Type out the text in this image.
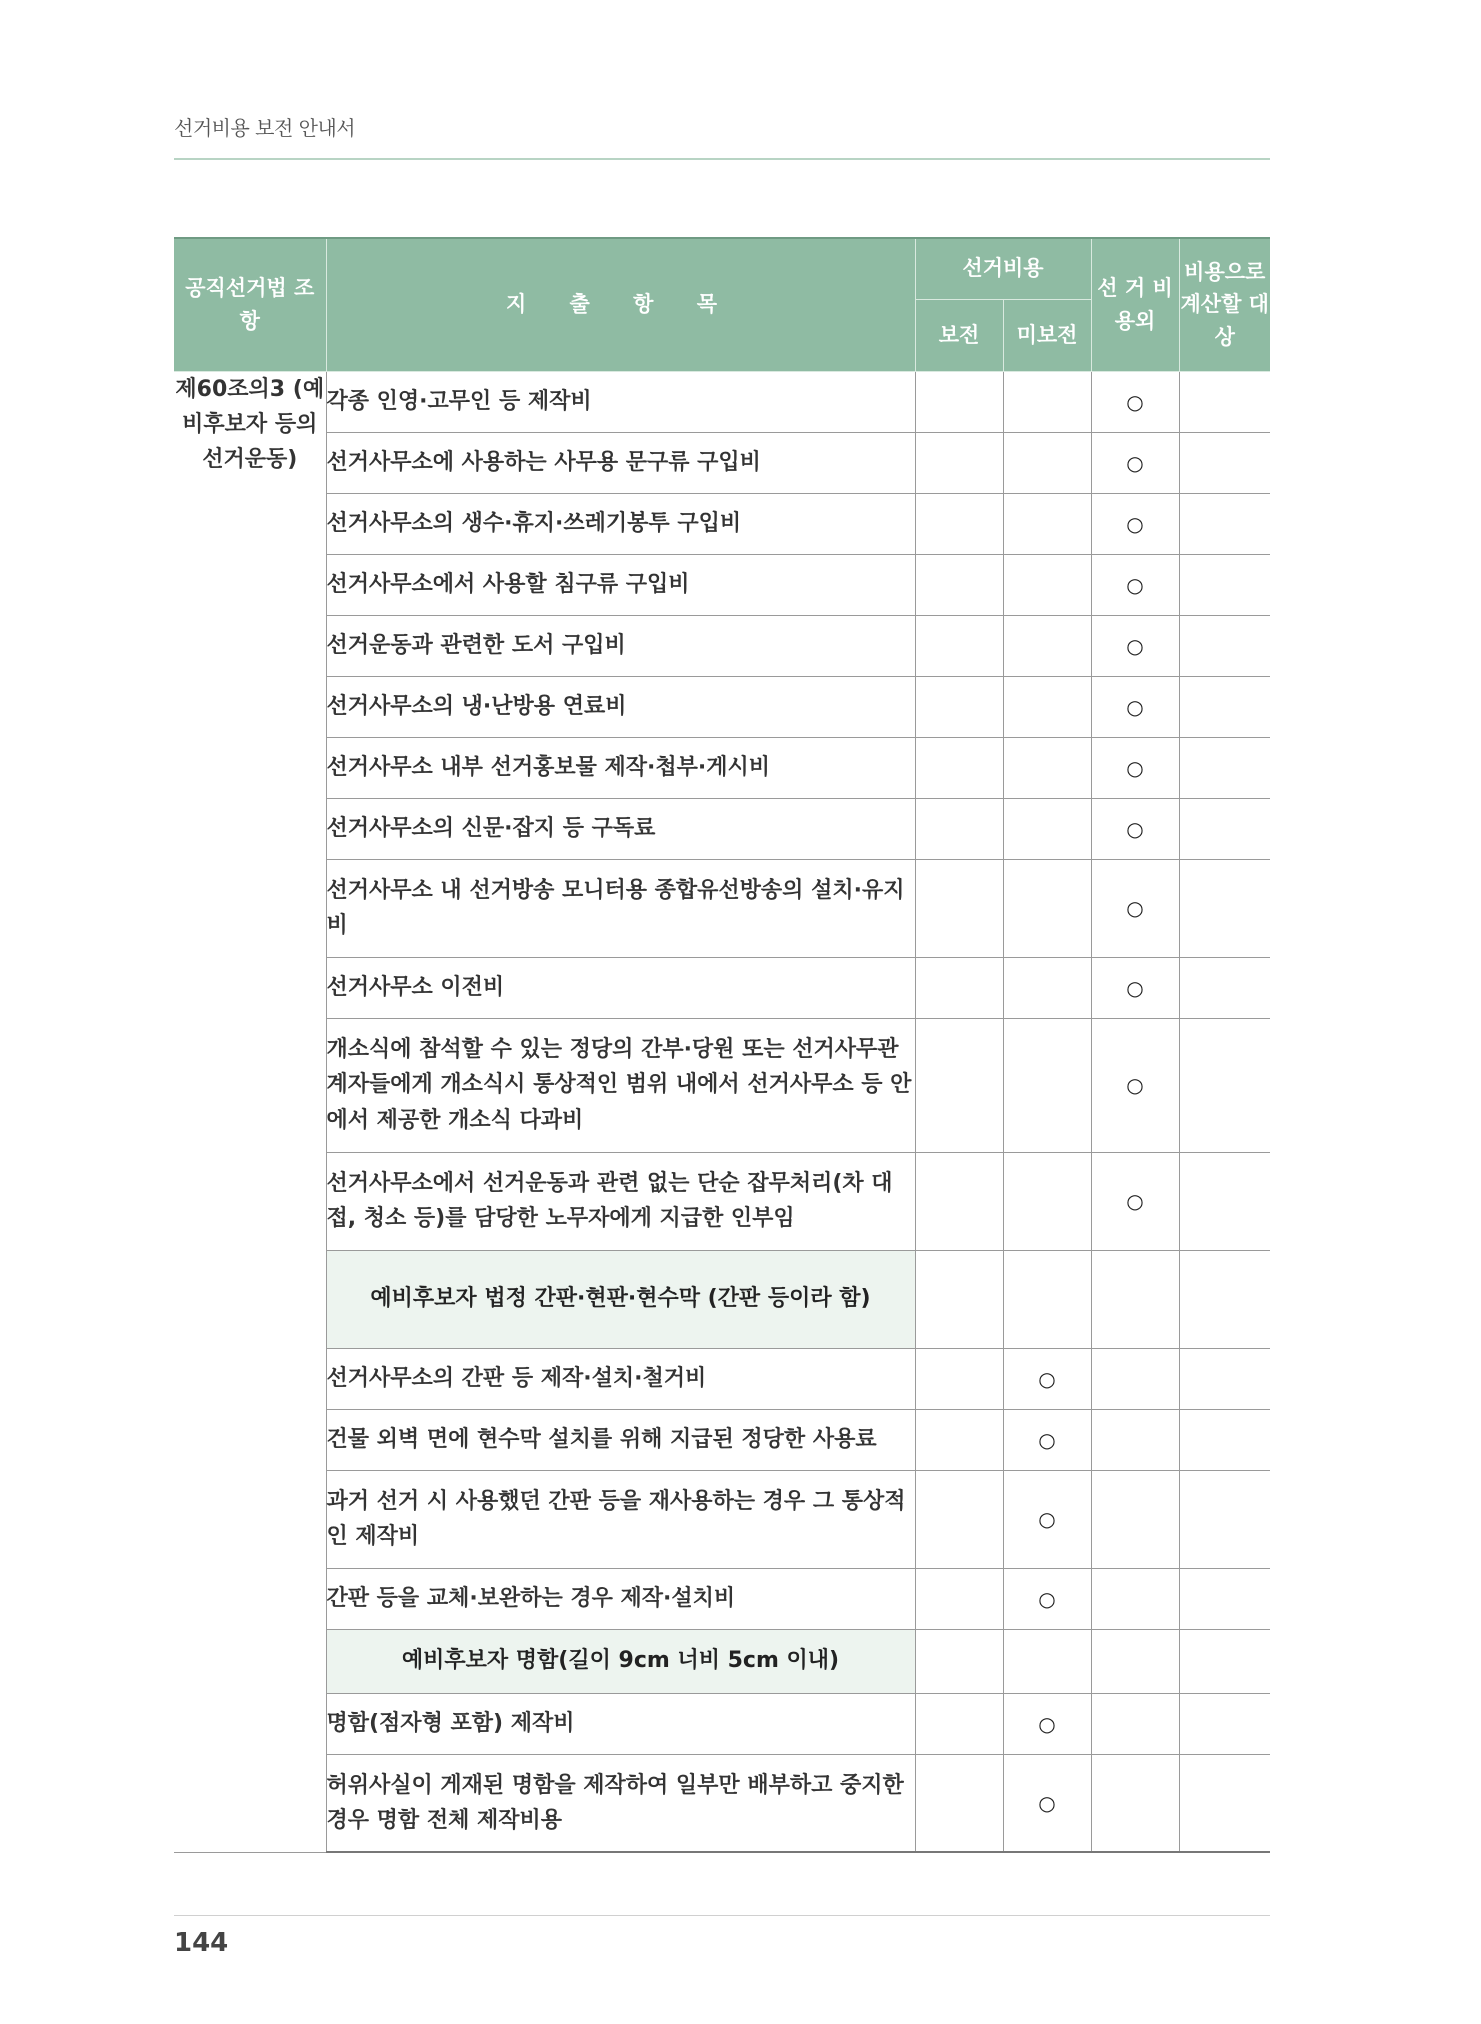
선거비용 보전 안내서
공직선거법 조 항	지 출 항 목	선거비용		선 거 비용외	비용으로 계산할 대상
		보전	미보전		
제60조의3 (예비후보자 등의 선거운동)	각종 인영·고무인 등 제작비			○	
	선거사무소에 사용하는 사무용 문구류 구입비			○	
	선거사무소의 생수·휴지·쓰레기봉투 구입비			○	
	선거사무소에서 사용할 침구류 구입비			○	
	선거운동과 관련한 도서 구입비			○	
	선거사무소의 냉·난방용 연료비			○	
	선거사무소 내부 선거홍보물 제작·첩부·게시비			○	
	선거사무소의 신문·잡지 등 구독료			○	
	선거사무소 내 선거방송 모니터용 종합유선방송의 설치·유지비			○	
	선거사무소 이전비			○	
	개소식에 참석할 수 있는 정당의 간부·당원 또는 선거사무관계자들에게 개소식시 통상적인 범위 내에서 선거사무소 등 안에서 제공한 개소식 다과비			○	
	선거사무소에서 선거운동과 관련 없는 단순 잡무처리(차 대접, 청소 등)를 담당한 노무자에게 지급한 인부임			○	
	예비후보자 법정 간판·현판·현수막 (간판 등이라 함)				
	선거사무소의 간판 등 제작·설치·철거비		○		
	건물 외벽 면에 현수막 설치를 위해 지급된 정당한 사용료		○		
	과거 선거 시 사용했던 간판 등을 재사용하는 경우 그 통상적인 제작비		○		
	간판 등을 교체·보완하는 경우 제작·설치비		○		
	예비후보자 명함(길이 9cm 너비 5cm 이내)				
	명함(점자형 포함) 제작비		○		
	허위사실이 게재된 명함을 제작하여 일부만 배부하고 중지한 경우 명함 전체 제작비용		○		
144
